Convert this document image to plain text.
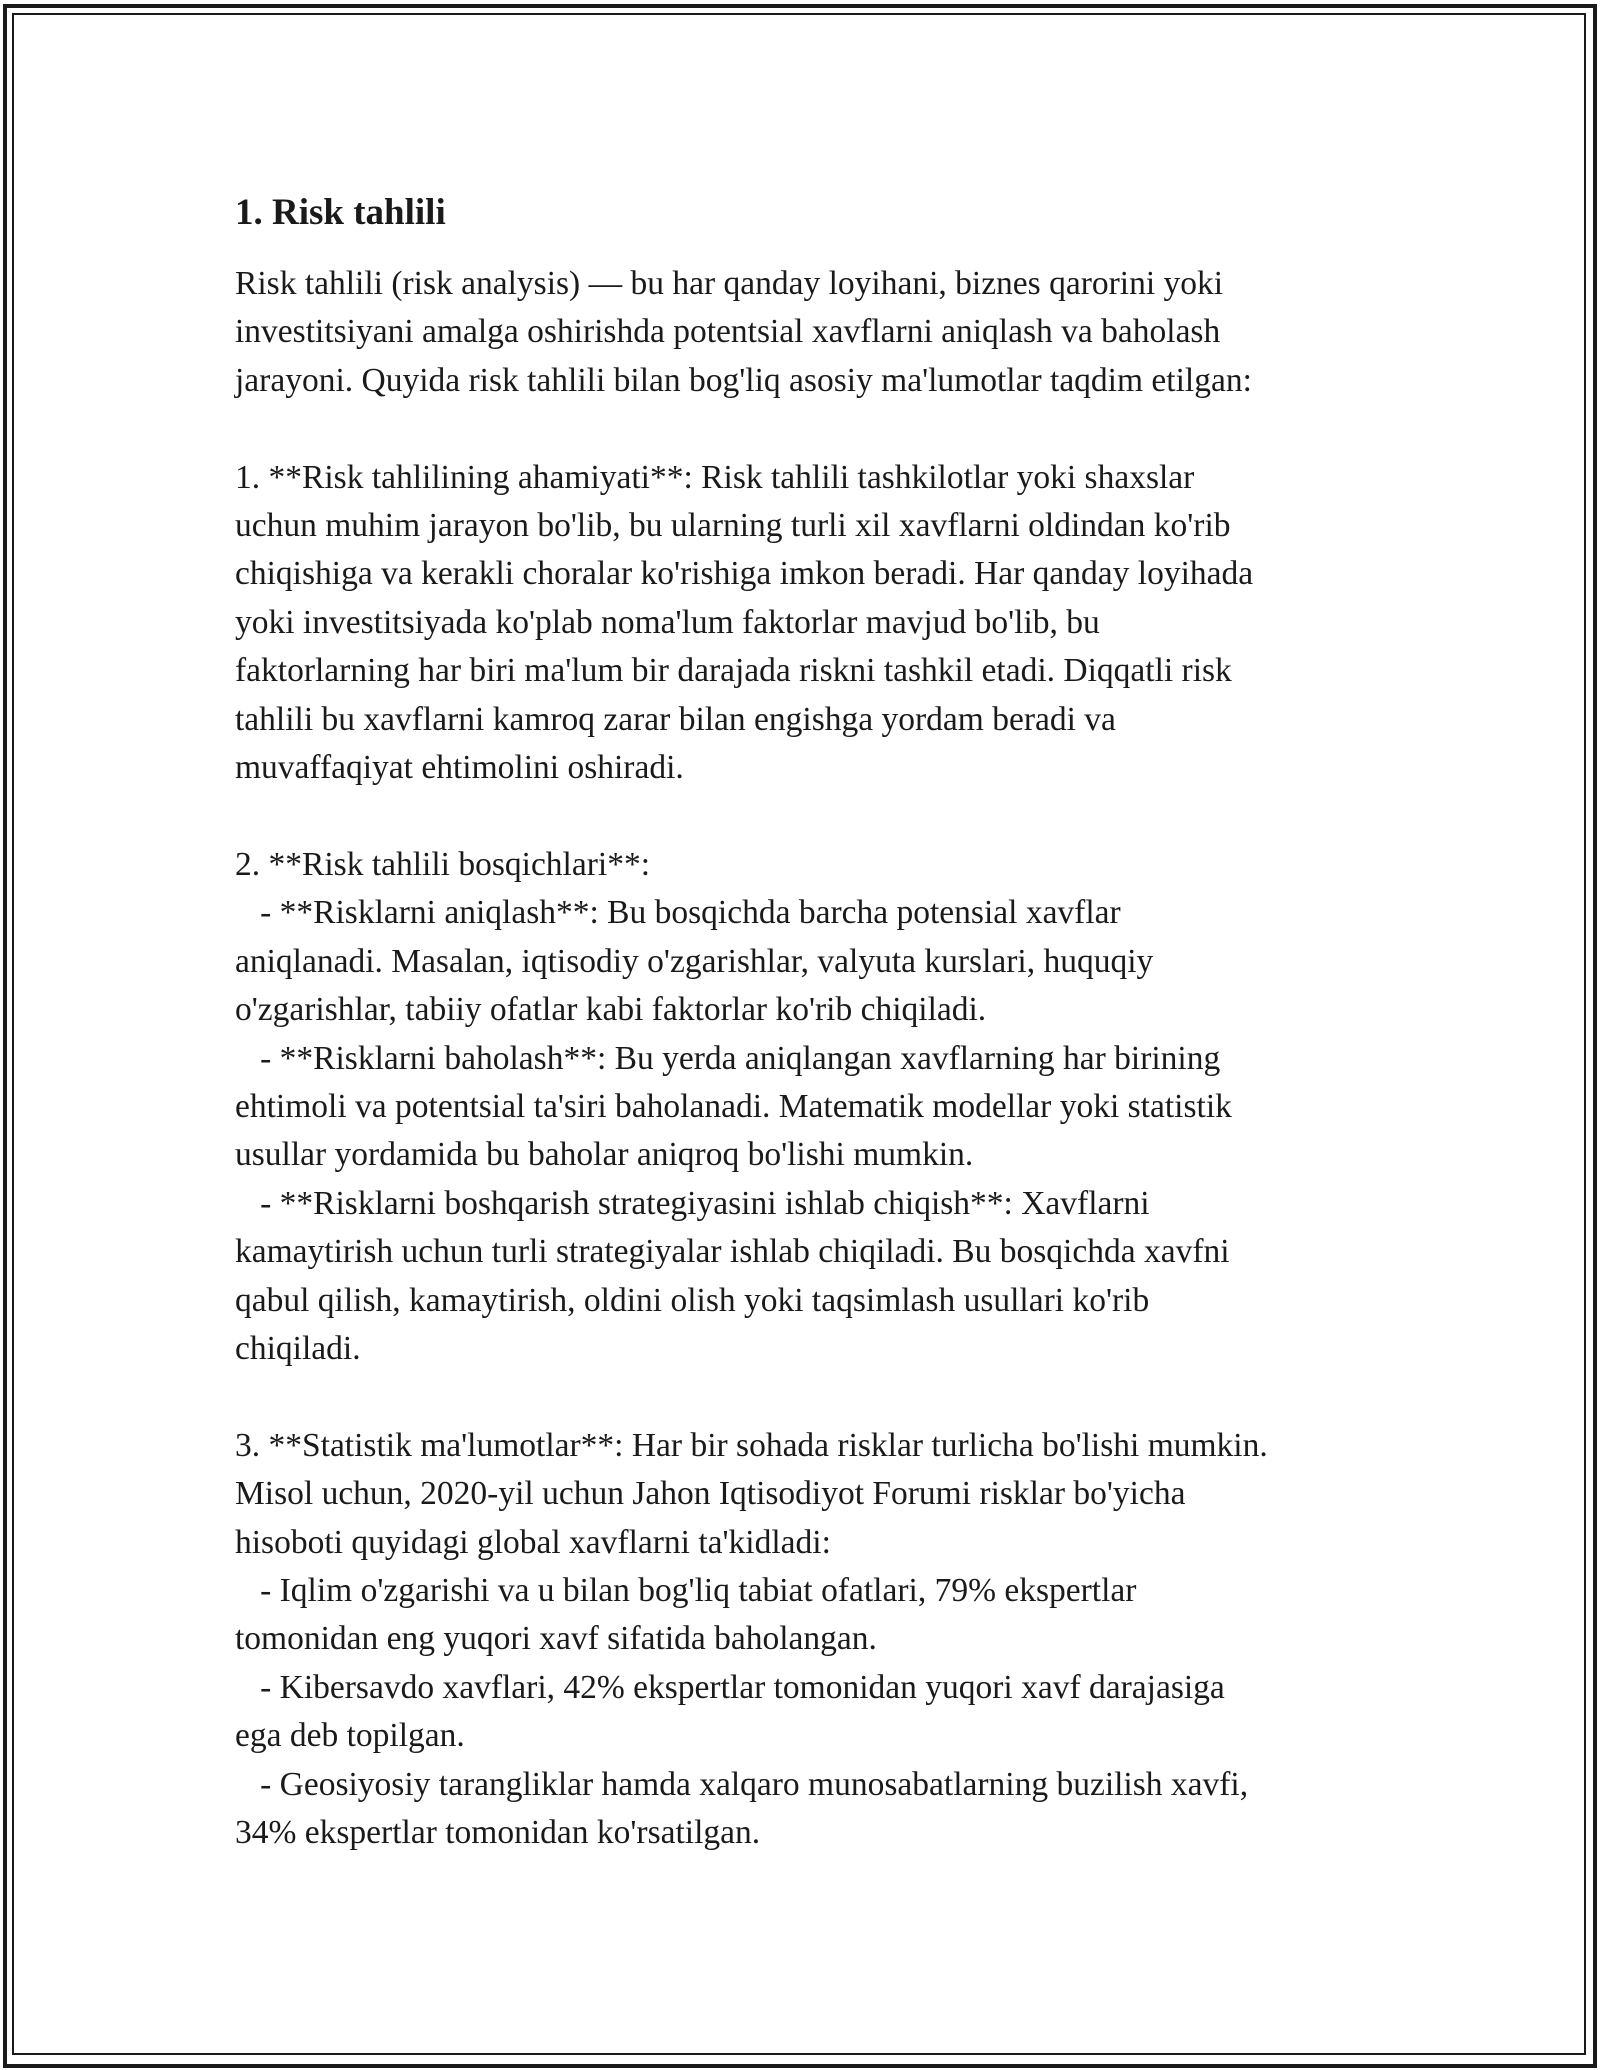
1. Risk tahlili

Risk tahlili (risk analysis) — bu har qanday loyihani, biznes qarorini yoki
investitsiyani amalga oshirishda potentsial xavflarni aniqlash va baholash
jarayoni. Quyida risk tahlili bilan bog'liq asosiy ma'lumotlar taqdim etilgan:

1. **Risk tahlilining ahamiyati**: Risk tahlili tashkilotlar yoki shaxslar
uchun muhim jarayon bo'lib, bu ularning turli xil xavflarni oldindan ko'rib
chiqishiga va kerakli choralar ko'rishiga imkon beradi. Har qanday loyihada
yoki investitsiyada ko'plab noma'lum faktorlar mavjud bo'lib, bu
faktorlarning har biri ma'lum bir darajada riskni tashkil etadi. Diqqatli risk
tahlili bu xavflarni kamroq zarar bilan engishga yordam beradi va
muvaffaqiyat ehtimolini oshiradi.

2. **Risk tahlili bosqichlari**:
- **Risklarni aniqlash**: Bu bosqichda barcha potensial xavflar
aniqlanadi. Masalan, iqtisodiy o'zgarishlar, valyuta kurslari, huquqiy
o'zgarishlar, tabiiy ofatlar kabi faktorlar ko'rib chiqiladi.
- **Risklarni baholash**: Bu yerda aniqlangan xavflarning har birining
ehtimoli va potentsial ta'siri baholanadi. Matematik modellar yoki statistik
usullar yordamida bu baholar aniqroq bo'lishi mumkin.
- **Risklarni boshqarish strategiyasini ishlab chiqish**: Xavflarni
kamaytirish uchun turli strategiyalar ishlab chiqiladi. Bu bosqichda xavfni
qabul qilish, kamaytirish, oldini olish yoki taqsimlash usullari ko'rib
chiqiladi.

3. **Statistik ma'lumotlar**: Har bir sohada risklar turlicha bo'lishi mumkin.
Misol uchun, 2020-yil uchun Jahon Iqtisodiyot Forumi risklar bo'yicha
hisoboti quyidagi global xavflarni ta'kidladi:
- Iqlim o'zgarishi va u bilan bog'liq tabiat ofatlari, 79% ekspertlar
tomonidan eng yuqori xavf sifatida baholangan.
- Kibersavdo xavflari, 42% ekspertlar tomonidan yuqori xavf darajasiga
ega deb topilgan.
- Geosiyosiy tarangliklar hamda xalqaro munosabatlarning buzilish xavfi,
34% ekspertlar tomonidan ko'rsatilgan.
